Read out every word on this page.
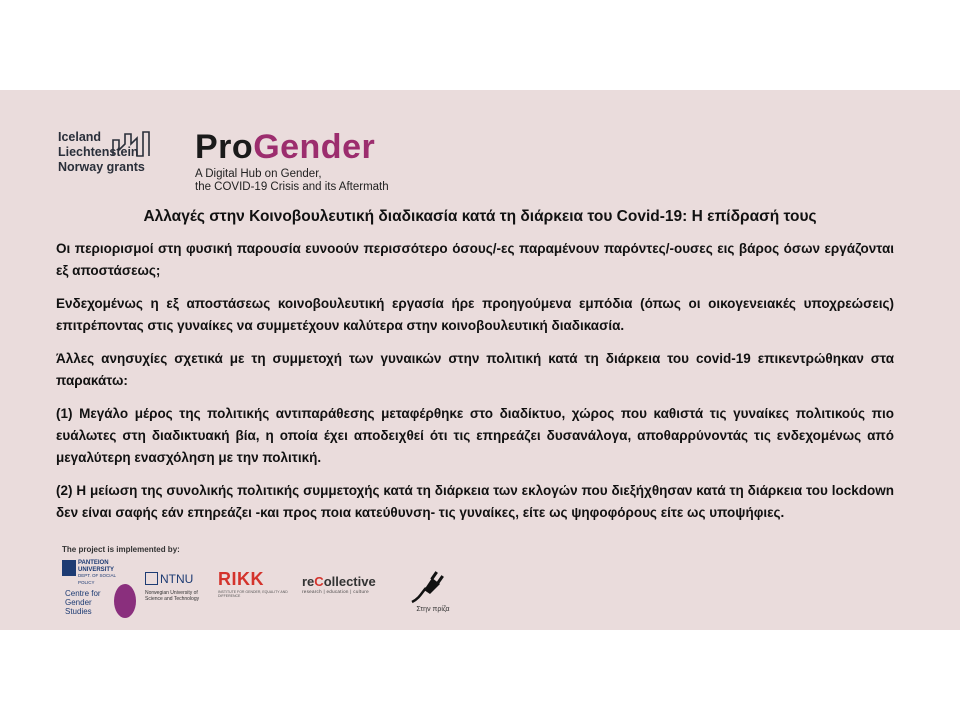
Iceland
Liechtenstein
Norway grants
ProGender
A Digital Hub on Gender,
the COVID-19 Crisis and its Aftermath
Αλλαγές στην Κοινοβουλευτική διαδικασία κατά τη διάρκεια του Covid-19: Η επίδρασή τους

Οι περιορισμοί στη φυσική παρουσία ευνοούν περισσότερο όσους/-ες παραμένουν παρόντες/-ουσες εις βάρος όσων εργάζονται εξ αποστάσεως;

Ενδεχομένως η εξ αποστάσεως κοινοβουλευτική εργασία ήρε προηγούμενα εμπόδια (όπως οι οικογενειακές υποχρεώσεις) επιτρέποντας στις γυναίκες να συμμετέχουν καλύτερα στην κοινοβουλευτική διαδικασία.

Άλλες ανησυχίες σχετικά με τη συμμετοχή των γυναικών στην πολιτική κατά τη διάρκεια του covid-19 επικεντρώθηκαν στα παρακάτω:

(1) Μεγάλο μέρος της πολιτικής αντιπαράθεσης μεταφέρθηκε στο διαδίκτυο, χώρος που καθιστά τις γυναίκες πολιτικούς πιο ευάλωτες στη διαδικτυακή βία, η οποία έχει αποδειχθεί ότι τις επηρεάζει δυσανάλογα, αποθαρρύνοντάς τις ενδεχομένως από μεγαλύτερη ενασχόληση με την πολιτική.

(2) Η μείωση της συνολικής πολιτικής συμμετοχής κατά τη διάρκεια των εκλογών που διεξήχθησαν κατά τη διάρκεια του lockdown δεν είναι σαφής εάν επηρεάζει -και προς ποια κατεύθυνση- τις γυναίκες, είτε ως ψηφοφόρους είτε ως υποψήφιες.

The project is implemented by:
PANTEION UNIVERSITY
DEPT. OF SOCIAL POLICY
Centre for
Gender
Studies
NTNU
Norwegian University of Science and Technology
RIKK
INSTITUTE FOR GENDER, EQUALITY AND DIFFERENCE
reCollective
research | education | culture
Στην πρίζα
